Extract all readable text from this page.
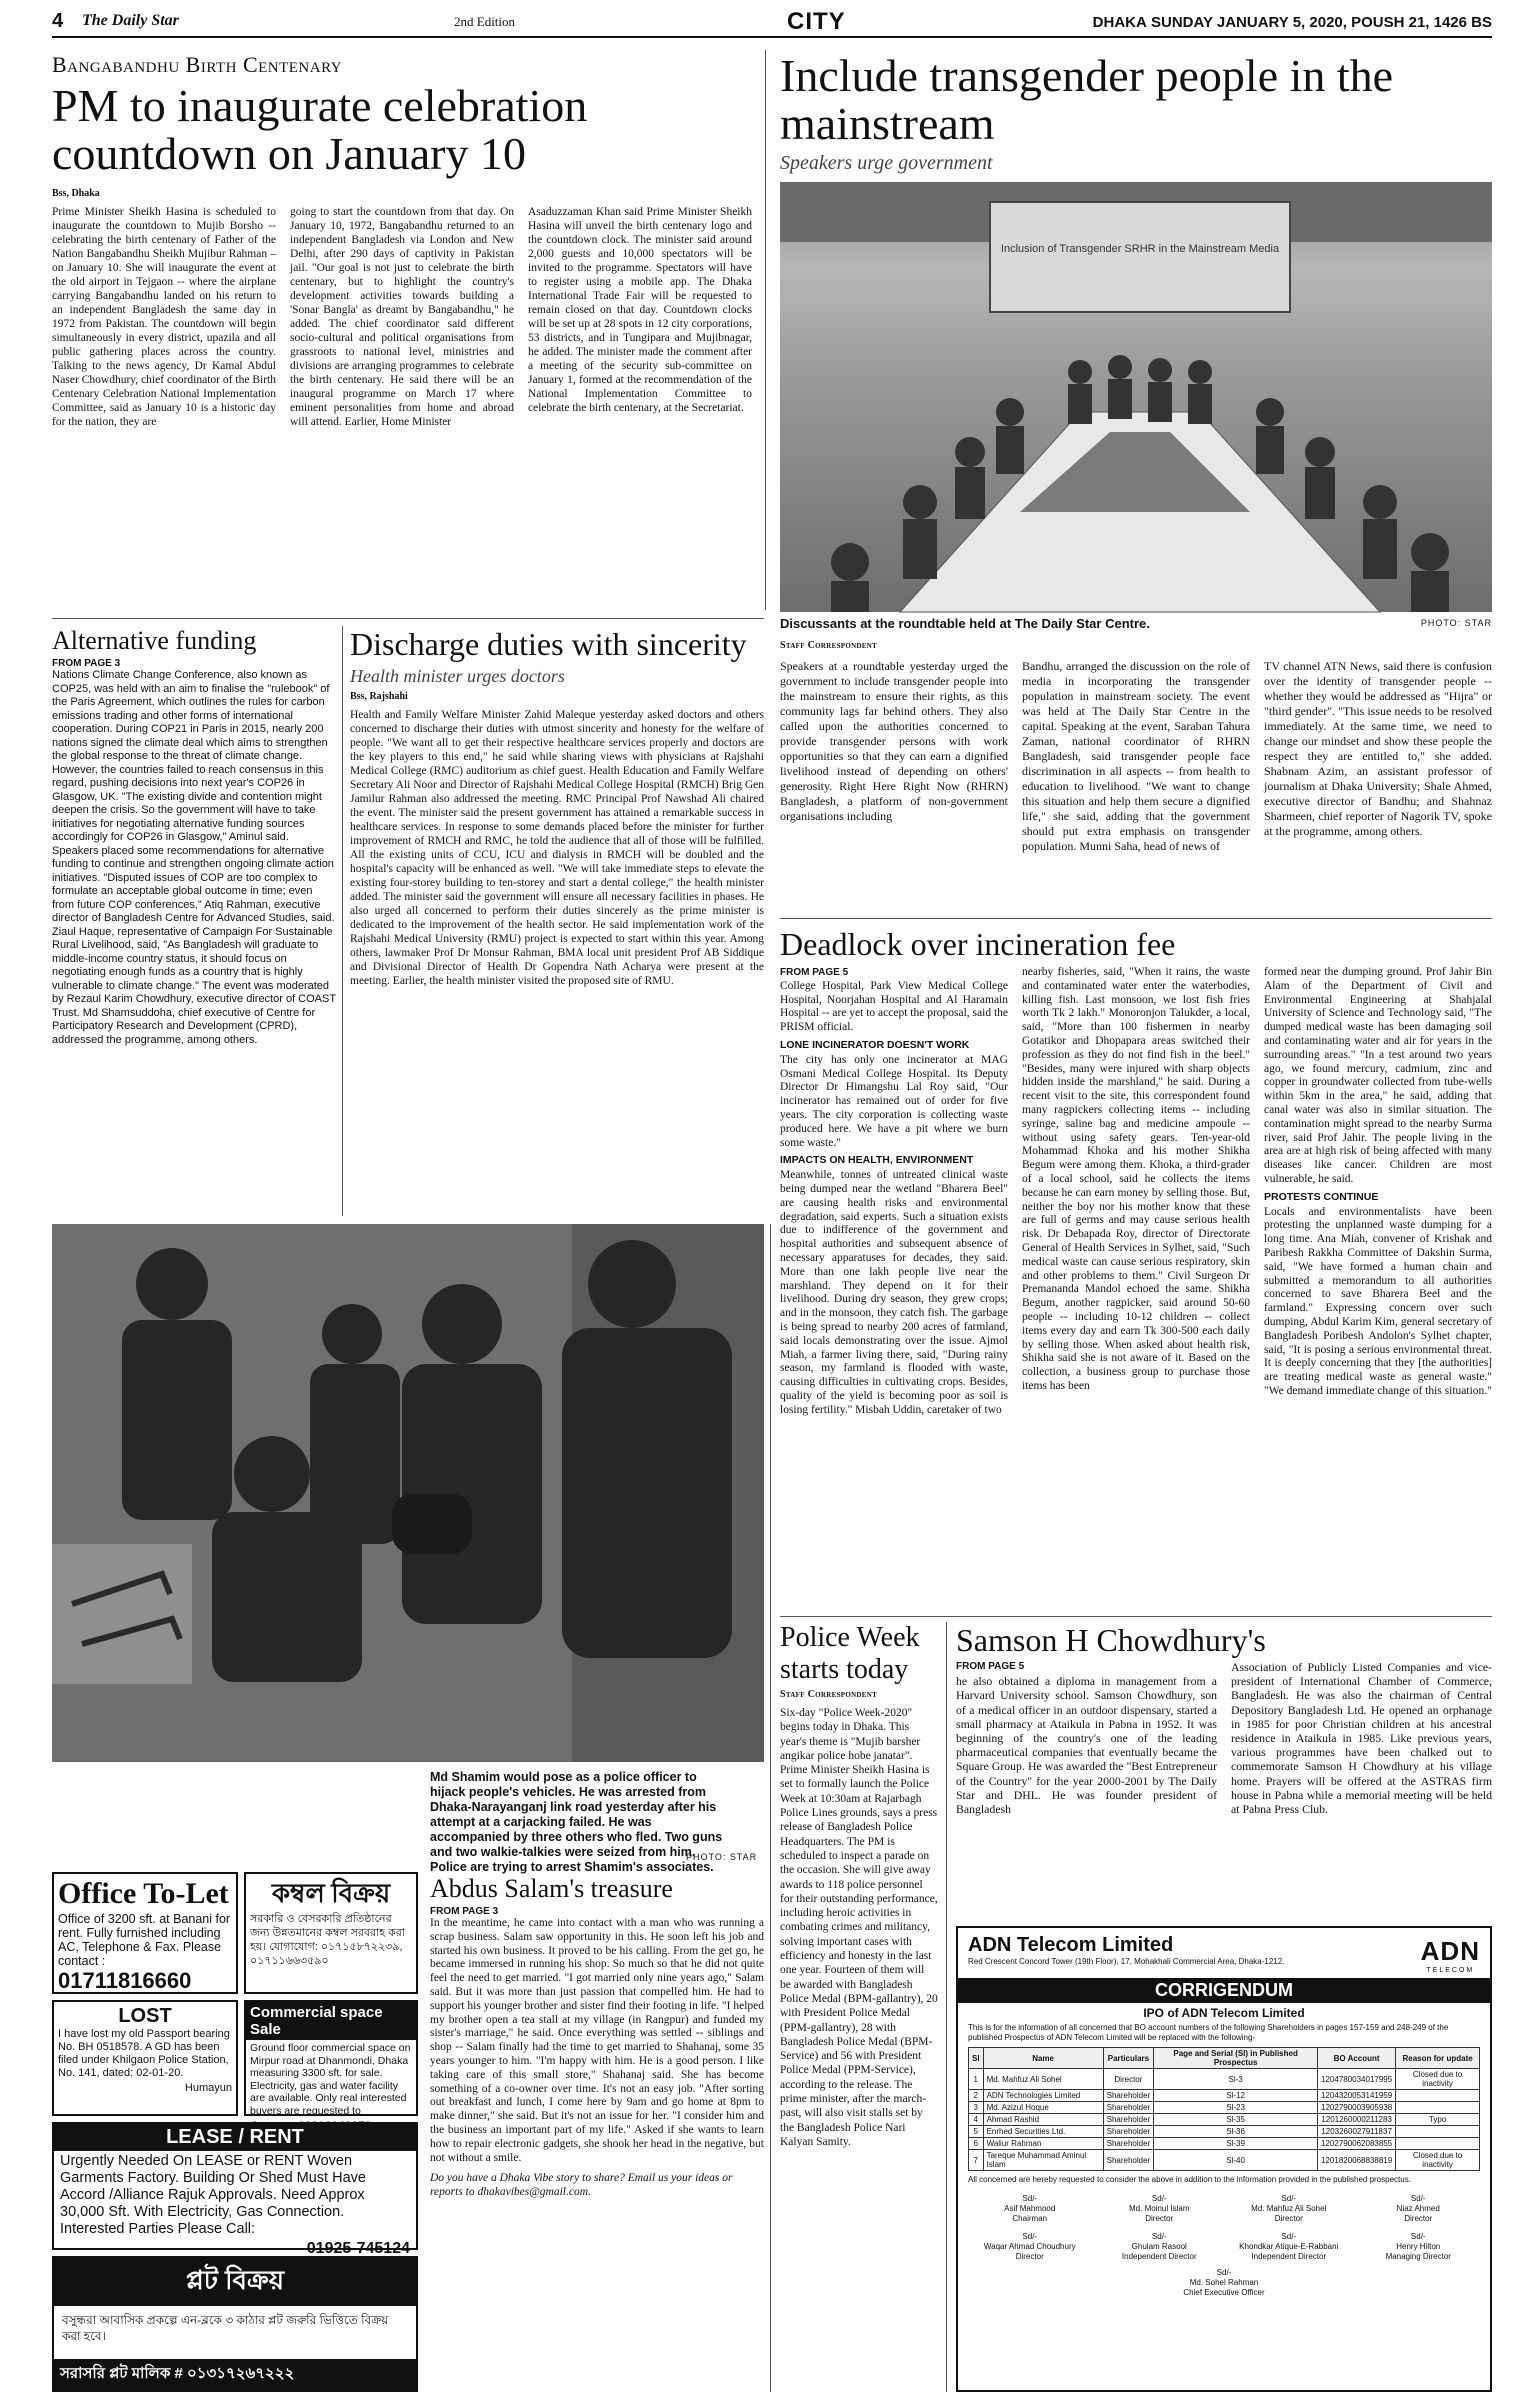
4 The Daily Star	2nd Edition	CITY	DHAKA SUNDAY JANUARY 5, 2020, POUSH 21, 1426 BS
Bangabandhu Birth Centenary
PM to inaugurate celebration countdown on January 10
Bss, Dhaka
Prime Minister Sheikh Hasina is scheduled to inaugurate the countdown to Mujib Borsho -- celebrating the birth centenary of Father of the Nation Bangabandhu Sheikh Mujibur Rahman – on January 10. She will inaugurate the event at the old airport in Tejgaon -- where the airplane carrying Bangabandhu landed on his return to an independent Bangladesh the same day in 1972 from Pakistan. The countdown will begin simultaneously in every district, upazila and all public gathering places across the country. Talking to the news agency, Dr Kamal Abdul Naser Chowdhury, chief coordinator of the Birth Centenary Celebration National Implementation Committee, said as January 10 is a historic day for the nation, they are
going to start the countdown from that day. On January 10, 1972, Bangabandhu returned to an independent Bangladesh via London and New Delhi, after 290 days of captivity in Pakistan jail. "Our goal is not just to celebrate the birth centenary, but to highlight the country's development activities towards building a 'Sonar Bangla' as dreamt by Bangabandhu," he added. The chief coordinator said different socio-cultural and political organisations from grassroots to national level, ministries and divisions are arranging programmes to celebrate the birth centenary. He said there will be an inaugural programme on March 17 where eminent personalities from home and abroad will attend. Earlier, Home Minister
Asaduzzaman Khan said Prime Minister Sheikh Hasina will unveil the birth centenary logo and the countdown clock. The minister said around 2,000 guests and 10,000 spectators will be invited to the programme. Spectators will have to register using a mobile app. The Dhaka International Trade Fair will be requested to remain closed on that day. Countdown clocks will be set up at 28 spots in 12 city corporations, 53 districts, and in Tungipara and Mujibnagar, he added. The minister made the comment after a meeting of the security sub-committee on January 1, formed at the recommendation of the National Implementation Committee to celebrate the birth centenary, at the Secretariat.
Include transgender people in the mainstream
Speakers urge government
Inclusion of Transgender SRHR in the Mainstream Media
Discussants at the roundtable held at The Daily Star Centre.	PHOTO: STAR
Staff Correspondent
Speakers at a roundtable yesterday urged the government to include transgender people into the mainstream to ensure their rights, as this community lags far behind others. They also called upon the authorities concerned to provide transgender persons with work opportunities so that they can earn a dignified livelihood instead of depending on others' generosity. Right Here Right Now (RHRN) Bangladesh, a platform of non-government organisations including
Bandhu, arranged the discussion on the role of media in incorporating the transgender population in mainstream society. The event was held at The Daily Star Centre in the capital. Speaking at the event, Saraban Tahura Zaman, national coordinator of RHRN Bangladesh, said transgender people face discrimination in all aspects -- from health to education to livelihood. "We want to change this situation and help them secure a dignified life," she said, adding that the government should put extra emphasis on transgender population. Munni Saha, head of news of
TV channel ATN News, said there is confusion over the identity of transgender people -- whether they would be addressed as "Hijra" or "third gender". "This issue needs to be resolved immediately. At the same time, we need to change our mindset and show these people the respect they are entitled to," she added. Shabnam Azim, an assistant professor of journalism at Dhaka University; Shale Ahmed, executive director of Bandhu; and Shahnaz Sharmeen, chief reporter of Nagorik TV, spoke at the programme, among others.
Alternative funding
FROM PAGE 3
Nations Climate Change Conference, also known as COP25, was held with an aim to finalise the "rulebook" of the Paris Agreement, which outlines the rules for carbon emissions trading and other forms of international cooperation. During COP21 in Paris in 2015, nearly 200 nations signed the climate deal which aims to strengthen the global response to the threat of climate change. However, the countries failed to reach consensus in this regard, pushing decisions into next year's COP26 in Glasgow, UK. "The existing divide and contention might deepen the crisis. So the government will have to take initiatives for negotiating alternative funding sources accordingly for COP26 in Glasgow," Aminul said. Speakers placed some recommendations for alternative funding to continue and strengthen ongoing climate action initiatives. "Disputed issues of COP are too complex to formulate an acceptable global outcome in time; even from future COP conferences," Atiq Rahman, executive director of Bangladesh Centre for Advanced Studies, said. Ziaul Haque, representative of Campaign For Sustainable Rural Livelihood, said, "As Bangladesh will graduate to middle-income country status, it should focus on negotiating enough funds as a country that is highly vulnerable to climate change." The event was moderated by Rezaul Karim Chowdhury, executive director of COAST Trust. Md Shamsuddoha, chief executive of Centre for Participatory Research and Development (CPRD), addressed the programme, among others.
Discharge duties with sincerity
Health minister urges doctors
Bss, Rajshahi
Health and Family Welfare Minister Zahid Maleque yesterday asked doctors and others concerned to discharge their duties with utmost sincerity and honesty for the welfare of people. "We want all to get their respective healthcare services properly and doctors are the key players to this end," he said while sharing views with physicians at Rajshahi Medical College (RMC) auditorium as chief guest. Health Education and Family Welfare Secretary Ali Noor and Director of Rajshahi Medical College Hospital (RMCH) Brig Gen Jamilur Rahman also addressed the meeting. RMC Principal Prof Nawshad Ali chaired the event. The minister said the present government has attained a remarkable success in healthcare services. In response to some demands placed before the minister for further improvement of RMCH and RMC, he told the audience that all of those will be fulfilled. All the existing units of CCU, ICU and dialysis in RMCH will be doubled and the hospital's capacity will be enhanced as well. "We will take immediate steps to elevate the existing four-storey building to ten-storey and start a dental college," the health minister added. The minister said the government will ensure all necessary facilities in phases. He also urged all concerned to perform their duties sincerely as the prime minister is dedicated to the improvement of the health sector. He said implementation work of the Rajshahi Medical University (RMU) project is expected to start within this year. Among others, lawmaker Prof Dr Monsur Rahman, BMA local unit president Prof AB Siddique and Divisional Director of Health Dr Gopendra Nath Acharya were present at the meeting. Earlier, the health minister visited the proposed site of RMU.
Deadlock over incineration fee
FROM PAGE 5
College Hospital, Park View Medical College Hospital, Noorjahan Hospital and Al Haramain Hospital -- are yet to accept the proposal, said the PRISM official.
LONE INCINERATOR DOESN'T WORK
The city has only one incinerator at MAG Osmani Medical College Hospital. Its Deputy Director Dr Himangshu Lal Roy said, "Our incinerator has remained out of order for five years. The city corporation is collecting waste produced here. We have a pit where we burn some waste."
IMPACTS ON HEALTH, ENVIRONMENT
Meanwhile, tonnes of untreated clinical waste being dumped near the wetland "Bharera Beel" are causing health risks and environmental degradation, said experts. Such a situation exists due to indifference of the government and hospital authorities and subsequent absence of necessary apparatuses for decades, they said. More than one lakh people live near the marshland. They depend on it for their livelihood. During dry season, they grew crops; and in the monsoon, they catch fish. The garbage is being spread to nearby 200 acres of farmland, said locals demonstrating over the issue. Ajmol Miah, a farmer living there, said, "During rainy season, my farmland is flooded with waste, causing difficulties in cultivating crops. Besides, quality of the yield is becoming poor as soil is losing fertility." Misbah Uddin, caretaker of two
nearby fisheries, said, "When it rains, the waste and contaminated water enter the waterbodies, killing fish. Last monsoon, we lost fish fries worth Tk 2 lakh." Monoronjon Talukder, a local, said, "More than 100 fishermen in nearby Gotatikor and Dhopapara areas switched their profession as they do not find fish in the beel." "Besides, many were injured with sharp objects hidden inside the marshland," he said. During a recent visit to the site, this correspondent found many ragpickers collecting items -- including syringe, saline bag and medicine ampoule -- without using safety gears. Ten-year-old Mohammad Khoka and his mother Shikha Begum were among them. Khoka, a third-grader of a local school, said he collects the items because he can earn money by selling those. But, neither the boy nor his mother know that these are full of germs and may cause serious health risk. Dr Debapada Roy, director of Directorate General of Health Services in Sylhet, said, "Such medical waste can cause serious respiratory, skin and other problems to them." Civil Surgeon Dr Premananda Mandol echoed the same. Shikha Begum, another ragpicker, said around 50-60 people -- including 10-12 children -- collect items every day and earn Tk 300-500 each daily by selling those. When asked about health risk, Shikha said she is not aware of it. Based on the collection, a business group to purchase those items has been
formed near the dumping ground. Prof Jahir Bin Alam of the Department of Civil and Environmental Engineering at Shahjalal University of Science and Technology said, "The dumped medical waste has been damaging soil and contaminating water and air for years in the surrounding areas." "In a test around two years ago, we found mercury, cadmium, zinc and copper in groundwater collected from tube-wells within 5km in the area," he said, adding that canal water was also in similar situation. The contamination might spread to the nearby Surma river, said Prof Jahir. The people living in the area are at high risk of being affected with many diseases like cancer. Children are most vulnerable, he said.
PROTESTS CONTINUE
Locals and environmentalists have been protesting the unplanned waste dumping for a long time. Ana Miah, convener of Krishak and Paribesh Rakkha Committee of Dakshin Surma, said, "We have formed a human chain and submitted a memorandum to all authorities concerned to save Bharera Beel and the farmland." Expressing concern over such dumping, Abdul Karim Kim, general secretary of Bangladesh Poribesh Andolon's Sylhet chapter, said, "It is posing a serious environmental threat. It is deeply concerning that they [the authorities] are treating medical waste as general waste." "We demand immediate change of this situation."
Md Shamim would pose as a police officer to hijack people's vehicles. He was arrested from Dhaka-Narayanganj link road yesterday after his attempt at a carjacking failed. He was accompanied by three others who fled. Two guns and two walkie-talkies were seized from him. Police are trying to arrest Shamim's associates.
PHOTO: STAR
Police Week starts today
Staff Correspondent
Six-day "Police Week-2020" begins today in Dhaka. This year's theme is "Mujib barsher angikar police hobe janatar". Prime Minister Sheikh Hasina is set to formally launch the Police Week at 10:30am at Rajarbagh Police Lines grounds, says a press release of Bangladesh Police Headquarters. The PM is scheduled to inspect a parade on the occasion. She will give away awards to 118 police personnel for their outstanding performance, including heroic activities in combating crimes and militancy, solving important cases with efficiency and honesty in the last one year. Fourteen of them will be awarded with Bangladesh Police Medal (BPM-gallantry), 20 with President Police Medal (PPM-gallantry), 28 with Bangladesh Police Medal (BPM-Service) and 56 with President Police Medal (PPM-Service), according to the release. The prime minister, after the march-past, will also visit stalls set by the Bangladesh Police Nari Kalyan Samity.
Samson H Chowdhury's
FROM PAGE 5
he also obtained a diploma in management from a Harvard University school. Samson Chowdhury, son of a medical officer in an outdoor dispensary, started a small pharmacy at Ataikula in Pabna in 1952. It was beginning of the country's one of the leading pharmaceutical companies that eventually became the Square Group. He was awarded the "Best Entrepreneur of the Country" for the year 2000-2001 by The Daily Star and DHL. He was founder president of Bangladesh
Association of Publicly Listed Companies and vice-president of International Chamber of Commerce, Bangladesh. He was also the chairman of Central Depository Bangladesh Ltd. He opened an orphanage in 1985 for poor Christian children at his ancestral residence in Ataikula in 1985. Like previous years, various programmes have been chalked out to commemorate Samson H Chowdhury at his village home. Prayers will be offered at the ASTRAS firm house in Pabna while a memorial meeting will be held at Pabna Press Club.
ADN Telecom Limited
Red Crescent Concord Tower (19th Floor), 17, Mohakhali Commercial Area, Dhaka-1212.	ADN
TELECOM
CORRIGENDUM
IPO of ADN Telecom Limited
This is for the information of all concerned that BO account numbers of the following Shareholders in pages 157-159 and 248-249 of the published Prospectus of ADN Telecom Limited will be replaced with the following-
Sl	Name	Particulars	Page and Serial (Sl) in Published Prospectus	BO Account	Reason for update
1	Md. Mahfuz Ali Sohel	Director	Sl-3	1204780034017995	Closed due to inactivity
2	ADN Technologies Limited	Shareholder	Sl-12	1204320053141959	
3	Md. Azizul Hoque	Shareholder	Sl-23	1202790003905938	
4	Ahmad Rashid	Shareholder	Sl-35	1201260000211283	Typo
5	Enrhed Securities Ltd.	Shareholder	Sl-36	1203260027911837	
6	Waliur Rahman	Shareholder	Sl-39	1202790062083855	
7	Tareque Muhammad Aminul Islam	Shareholder	Sl-40	1201820068838819	Closed due to inactivity
All concerned are hereby requested to consider the above in addition to the information provided in the published prospectus.
Sd/-
Asif Mahmood
Chairman
Sd/-
Md. Moinul Islam
Director
Sd/-
Md. Mahfuz Ali Sohel
Director
Sd/-
Niaz Ahmed
Director
Sd/-
Waqar Ahmad Choudhury
Director
Sd/-
Ghulam Rasool
Independent Director
Sd/-
Khondkar Atique-E-Rabbani
Independent Director
Sd/-
Henry Hilton
Managing Director
Sd/-
Md. Sohel Rahman
Chief Executive Officer
Office To-Let
Office of 3200 sft. at Banani for rent. Fully furnished including AC, Telephone & Fax. Please contact :
01711816660
কম্বল বিক্রয়
সরকারি ও বেসরকারি প্রতিষ্ঠানের জন্য উন্নতমানের কম্বল সরবরাহ করা হয়। যোগাযোগ: ০১৭১৫৮৭২২৩৯, ০১৭১১৬৬৩৫৯০
LOST
I have lost my old Passport bearing No. BH 0518578. A GD has been filed under Khilgaon Police Station, No. 141, dated: 02-01-20.
Humayun
Commercial space Sale
Ground floor commercial space on Mirpur road at Dhanmondi, Dhaka measuring 3300 sft. for sale. Electricity, gas and water facility are available. Only real interested buyers are requested to
LEASE / RENT
Urgently Needed On LEASE or RENT Woven Garments Factory. Building Or Shed Must Have Accord /Alliance Rajuk Approvals. Need Approx 30,000 Sft. With Electricity, Gas Connection. Interested Parties Please Call:
01925-745124
প্লট বিক্রয়
বসুন্ধরা আবাসিক প্রকল্পে এন-ব্লকে ৩ কাঠার প্লট জরুরি ভিত্তিতে বিক্রয় করা হবে।
সরাসরি প্লট মালিক # ০১৩১৭২৬৭২২২
Abdus Salam's treasure
FROM PAGE 3
In the meantime, he came into contact with a man who was running a scrap business. Salam saw opportunity in this. He soon left his job and started his own business. It proved to be his calling. From the get go, he became immersed in running his shop. So much so that he did not quite feel the need to get married. "I got married only nine years ago," Salam said. But it was more than just passion that compelled him. He had to support his younger brother and sister find their footing in life. "I helped my brother open a tea stall at my village (in Rangpur) and funded my sister's marriage," he said. Once everything was settled -- siblings and shop -- Salam finally had the time to get married to Shahanaj, some 35 years younger to him. "I'm happy with him. He is a good person. I like taking care of this small store," Shahanaj said. She has become something of a co-owner over time. It's not an easy job. "After sorting out breakfast and lunch, I come here by 9am and go home at 8pm to make dinner," she said. But it's not an issue for her. "I consider him and the business an important part of my life." Asked if she wants to learn how to repair electronic gadgets, she shook her head in the negative, but not without a smile.
Do you have a Dhaka Vibe story to share? Email us your ideas or reports to dhakavibes@gmail.com.
